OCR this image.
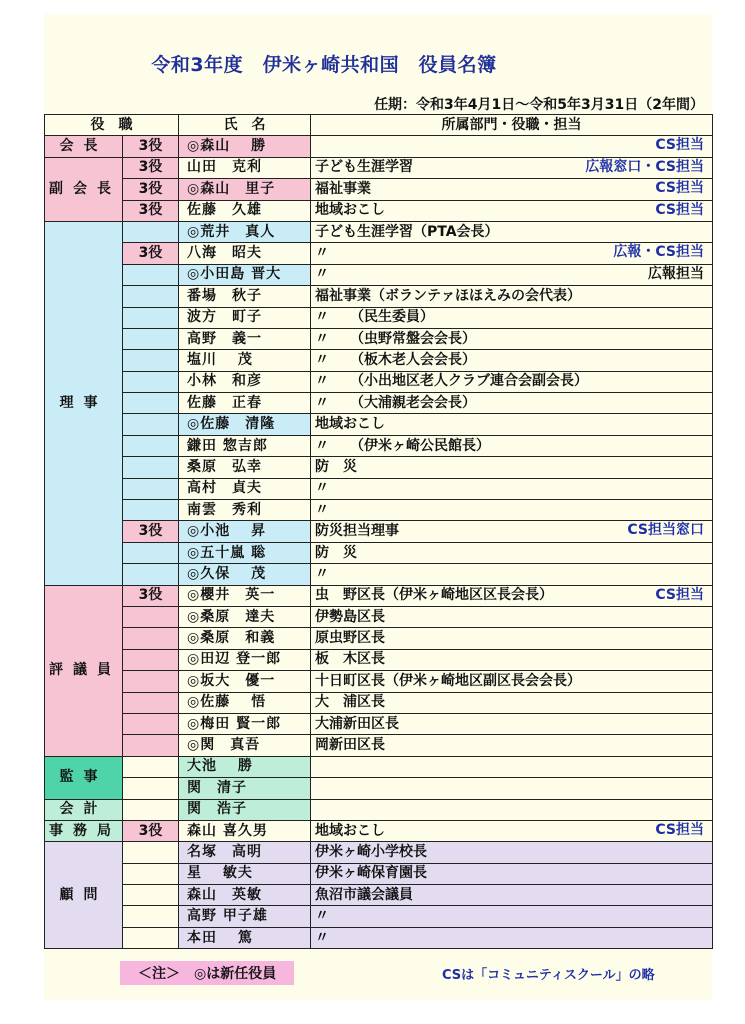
令和3年度　伊米ヶ崎共和国　役員名簿
任期：令和3年4月1日～令和5年3月31日（2年間）
役　職		氏　名	所属部門・役職・担当
会長	3役	◎森山　 勝	CS担当

副会長	3役	山田　克利	子ども生涯学習 広報窓口・CS担当

	3役	◎森山　里子	福祉事業 CS担当

	3役	佐藤　久雄	地域おこし CS担当

理事		◎荒井　真人	子ども生涯学習（PTA会長）

	3役	八海　昭夫	〃 広報・CS担当

		◎小田島 晋大	〃 広報担当

		番場　秋子	福祉事業（ボランテァほほえみの会代表）

		波方　町子	〃　　（民生委員）

		高野　義一	〃　　（虫野常盤会会長）

		塩川　 茂	〃　　（板木老人会会長）

		小林　和彦	〃　　（小出地区老人クラブ連合会副会長）

		佐藤　正春	〃　　（大浦親老会会長）

		◎佐藤　清隆	地域おこし

		鎌田 惣吉郎	〃　　（伊米ヶ崎公民館長）

		桑原　弘幸	防　災

		高村　貞夫	〃

		南雲　秀利	〃

	3役	◎小池　 昇	防災担当理事 CS担当窓口

		◎五十嵐 聡	防　災

		◎久保　 茂	〃

評議員	3役	◎櫻井　英一	虫　野区長（伊米ヶ崎地区区長会長） CS担当

		◎桑原　達夫	伊勢島区長

		◎桑原　和義	原虫野区長

		◎田辺 登一郎	板　木区長

		◎坂大　優一	十日町区長（伊米ヶ崎地区副区長会会長）

		◎佐藤　 悟	大　浦区長

		◎梅田 賢一郎	大浦新田区長

		◎関　真吾	岡新田区長

監事		大池　 勝	

		関　清子	

会計		関　浩子	

事務局	3役	森山 喜久男	地域おこし CS担当

顧問		名塚　高明	伊米ヶ崎小学校長

		星　 敏夫	伊米ヶ崎保育園長

		森山　英敏	魚沼市議会議員

		高野 甲子雄	〃

		本田　 篤	〃
＜注＞　◎は新任役員	CSは「コミュニティスクール」の略
